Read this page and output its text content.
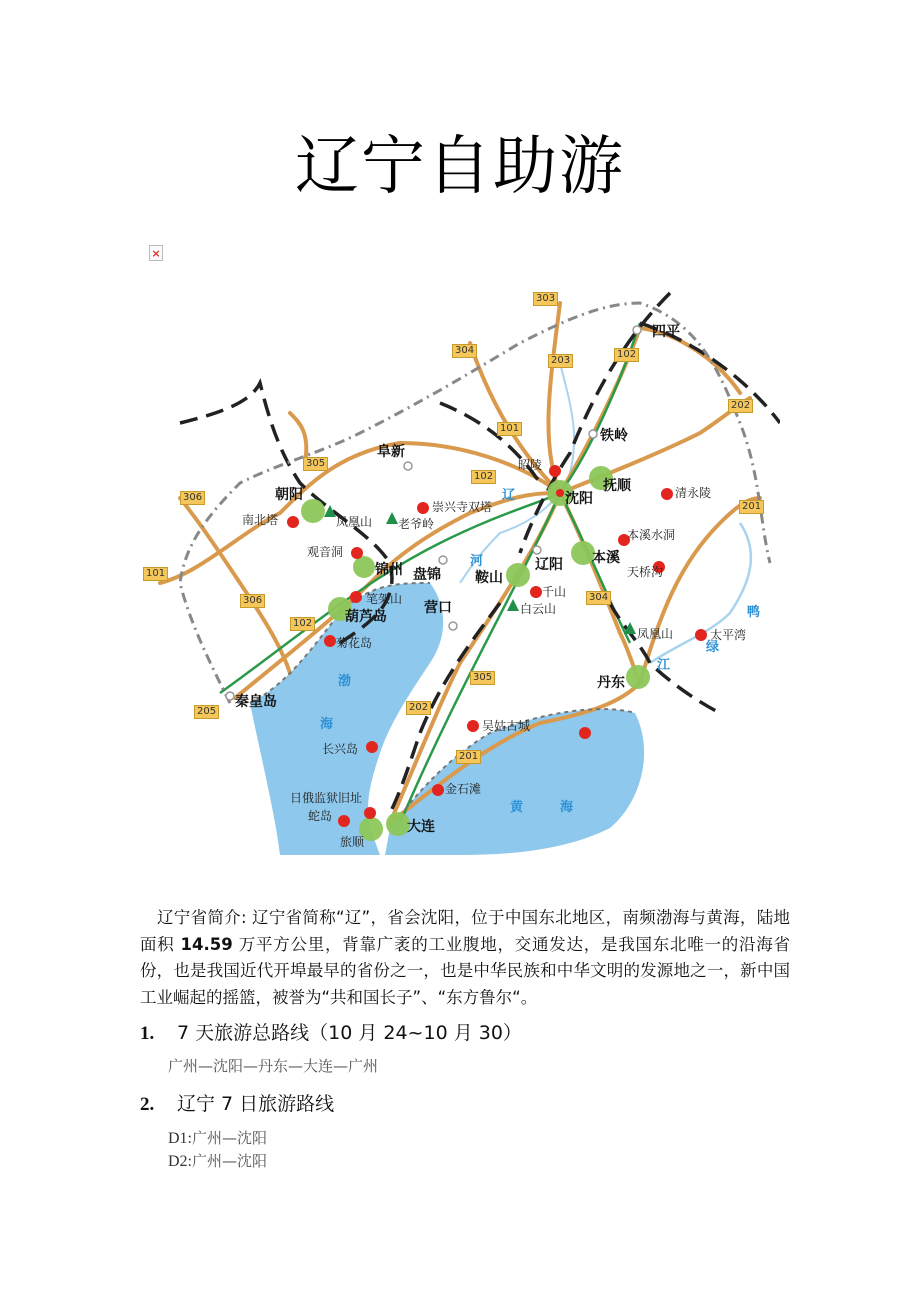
辽宁自助游
×
303
304
203
102
202
101
305
102
306
201
101
306
102
304
305
205	202
201
辽
河
渤
海
黄	海
鸭
绿
江
昭陵
清永陵
南北塔	凤凰山
崇兴寺双塔
老爷岭
观音洞
本溪水洞
天桥沟
笔架山	千山
白云山
菊花岛
凤凰山	太平湾
吴姑古城
长兴岛
金石滩
日俄监狱旧址
蛇岛
旅顺
四平
铁岭
阜新
抚顺
沈阳
朝阳
锦州 盘锦
辽阳
鞍山
本溪
葫芦岛
营口
丹东
秦皇岛
大连
辽宁省简介: 辽宁省简称“辽”，省会沈阳，位于中国东北地区，南频渤海与黄海，陆地面积 14.59 万平方公里，背靠广袤的工业腹地，交通发达，是我国东北唯一的沿海省份，也是我国近代开埠最早的省份之一，也是中华民族和中华文明的发源地之一，新中国工业崛起的摇篮，被誉为“共和国长子”、“东方鲁尔“。
1. 7 天旅游总路线（10 月 24~10 月 30）
广州—沈阳—丹东—大连—广州
2. 辽宁 7 日旅游路线
D1:广州—沈阳
D2:广州—沈阳
